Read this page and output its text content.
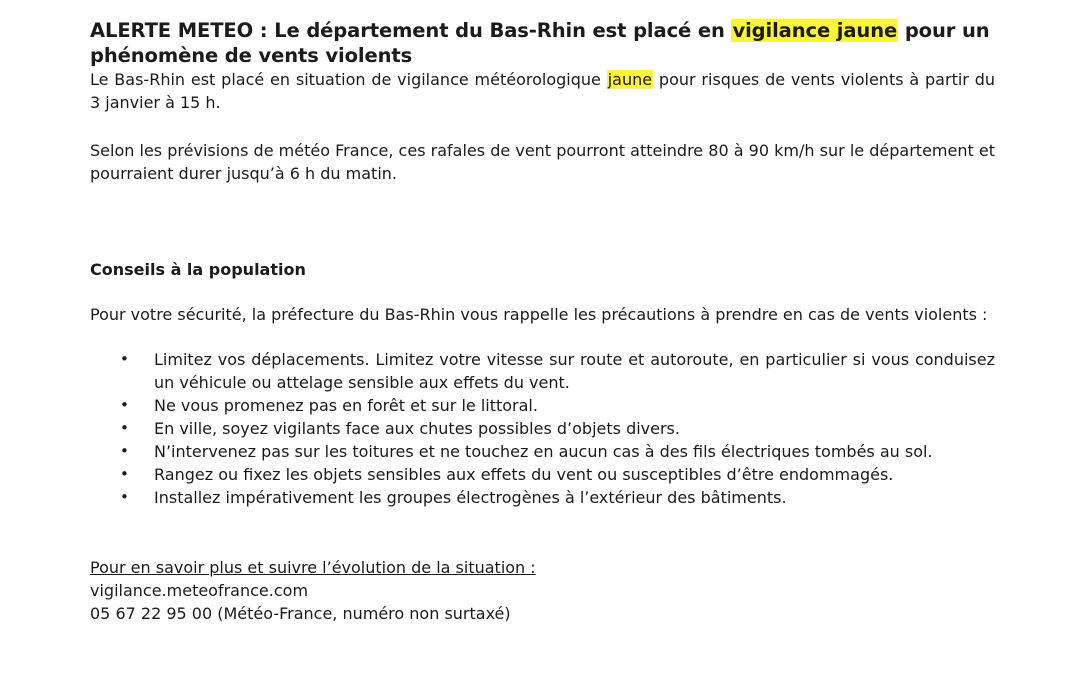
ALERTE METEO : Le département du Bas-Rhin est placé en vigilance jaune pour un phénomène de vents violents

Le Bas-Rhin est placé en situation de vigilance météorologique jaune pour risques de vents violents à partir du 3 janvier à 15 h.

Selon les prévisions de météo France, ces rafales de vent pourront atteindre 80 à 90 km/h sur le département et pourraient durer jusqu’à 6 h du matin.

Conseils à la population

Pour votre sécurité, la préfecture du Bas-Rhin vous rappelle les précautions à prendre en cas de vents violents :

• Limitez vos déplacements. Limitez votre vitesse sur route et autoroute, en particulier si vous conduisez un véhicule ou attelage sensible aux effets du vent.
• Ne vous promenez pas en forêt et sur le littoral.
• En ville, soyez vigilants face aux chutes possibles d’objets divers.
• N’intervenez pas sur les toitures et ne touchez en aucun cas à des fils électriques tombés au sol.
• Rangez ou fixez les objets sensibles aux effets du vent ou susceptibles d’être endommagés.
• Installez impérativement les groupes électrogènes à l’extérieur des bâtiments.

Pour en savoir plus et suivre l’évolution de la situation :

vigilance.meteofrance.com

05 67 22 95 00 (Météo-France, numéro non surtaxé)
